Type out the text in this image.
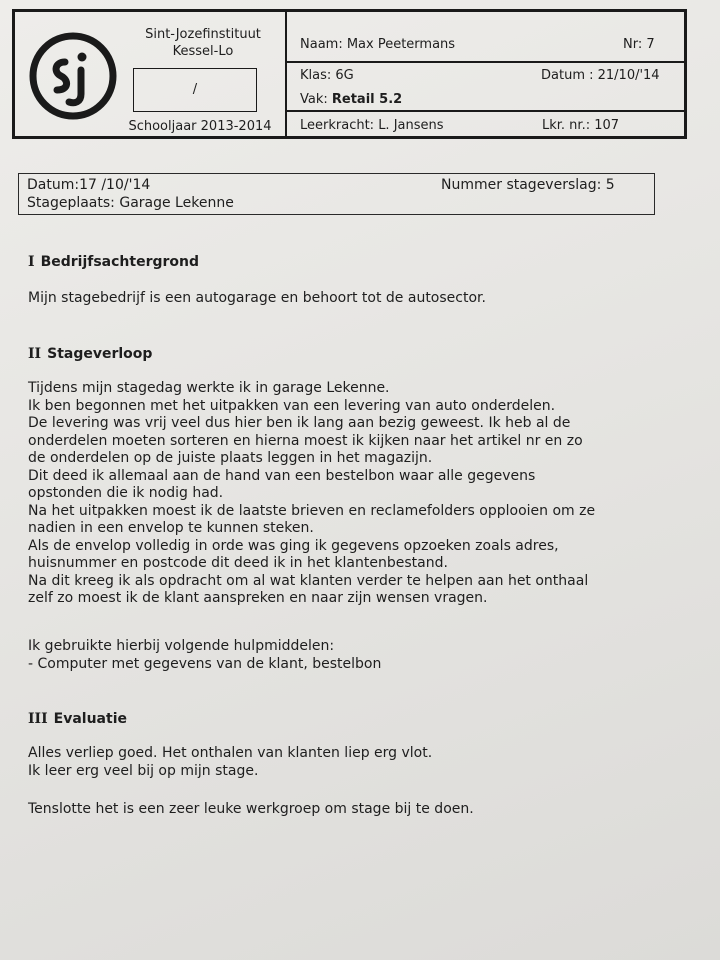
Sint-Jozefinstituut
Kessel-Lo
/
Schooljaar 2013-2014
Naam: Max Peetermans	Nr: 7
Klas: 6G	Datum : 21/10/'14
Vak: Retail 5.2
Leerkracht: L. Jansens	Lkr. nr.: 107
Datum:17 /10/'14	Nummer stageverslag: 5
Stageplaats: Garage Lekenne
I Bedrijfsachtergrond
Mijn stagebedrijf is een autogarage en behoort tot de autosector.
II Stageverloop
Tijdens mijn stagedag werkte ik in garage Lekenne.
Ik ben begonnen met het uitpakken van een levering van auto onderdelen.
De levering was vrij veel dus hier ben ik lang aan bezig geweest. Ik heb al de
onderdelen moeten sorteren en hierna moest ik kijken naar het artikel nr en zo
de onderdelen op de juiste plaats leggen in het magazijn.
Dit deed ik allemaal aan de hand van een bestelbon waar alle gegevens
opstonden die ik nodig had.
Na het uitpakken moest ik de laatste brieven en reclamefolders opplooien om ze
nadien in een envelop te kunnen steken.
Als de envelop volledig in orde was ging ik gegevens opzoeken zoals adres,
huisnummer en postcode dit deed ik in het klantenbestand.
Na dit kreeg ik als opdracht om al wat klanten verder te helpen aan het onthaal
zelf zo moest ik de klant aanspreken en naar zijn wensen vragen.
Ik gebruikte hierbij volgende hulpmiddelen:
- Computer met gegevens van de klant, bestelbon
III Evaluatie
Alles verliep goed. Het onthalen van klanten liep erg vlot.
Ik leer erg veel bij op mijn stage.
Tenslotte het is een zeer leuke werkgroep om stage bij te doen.
